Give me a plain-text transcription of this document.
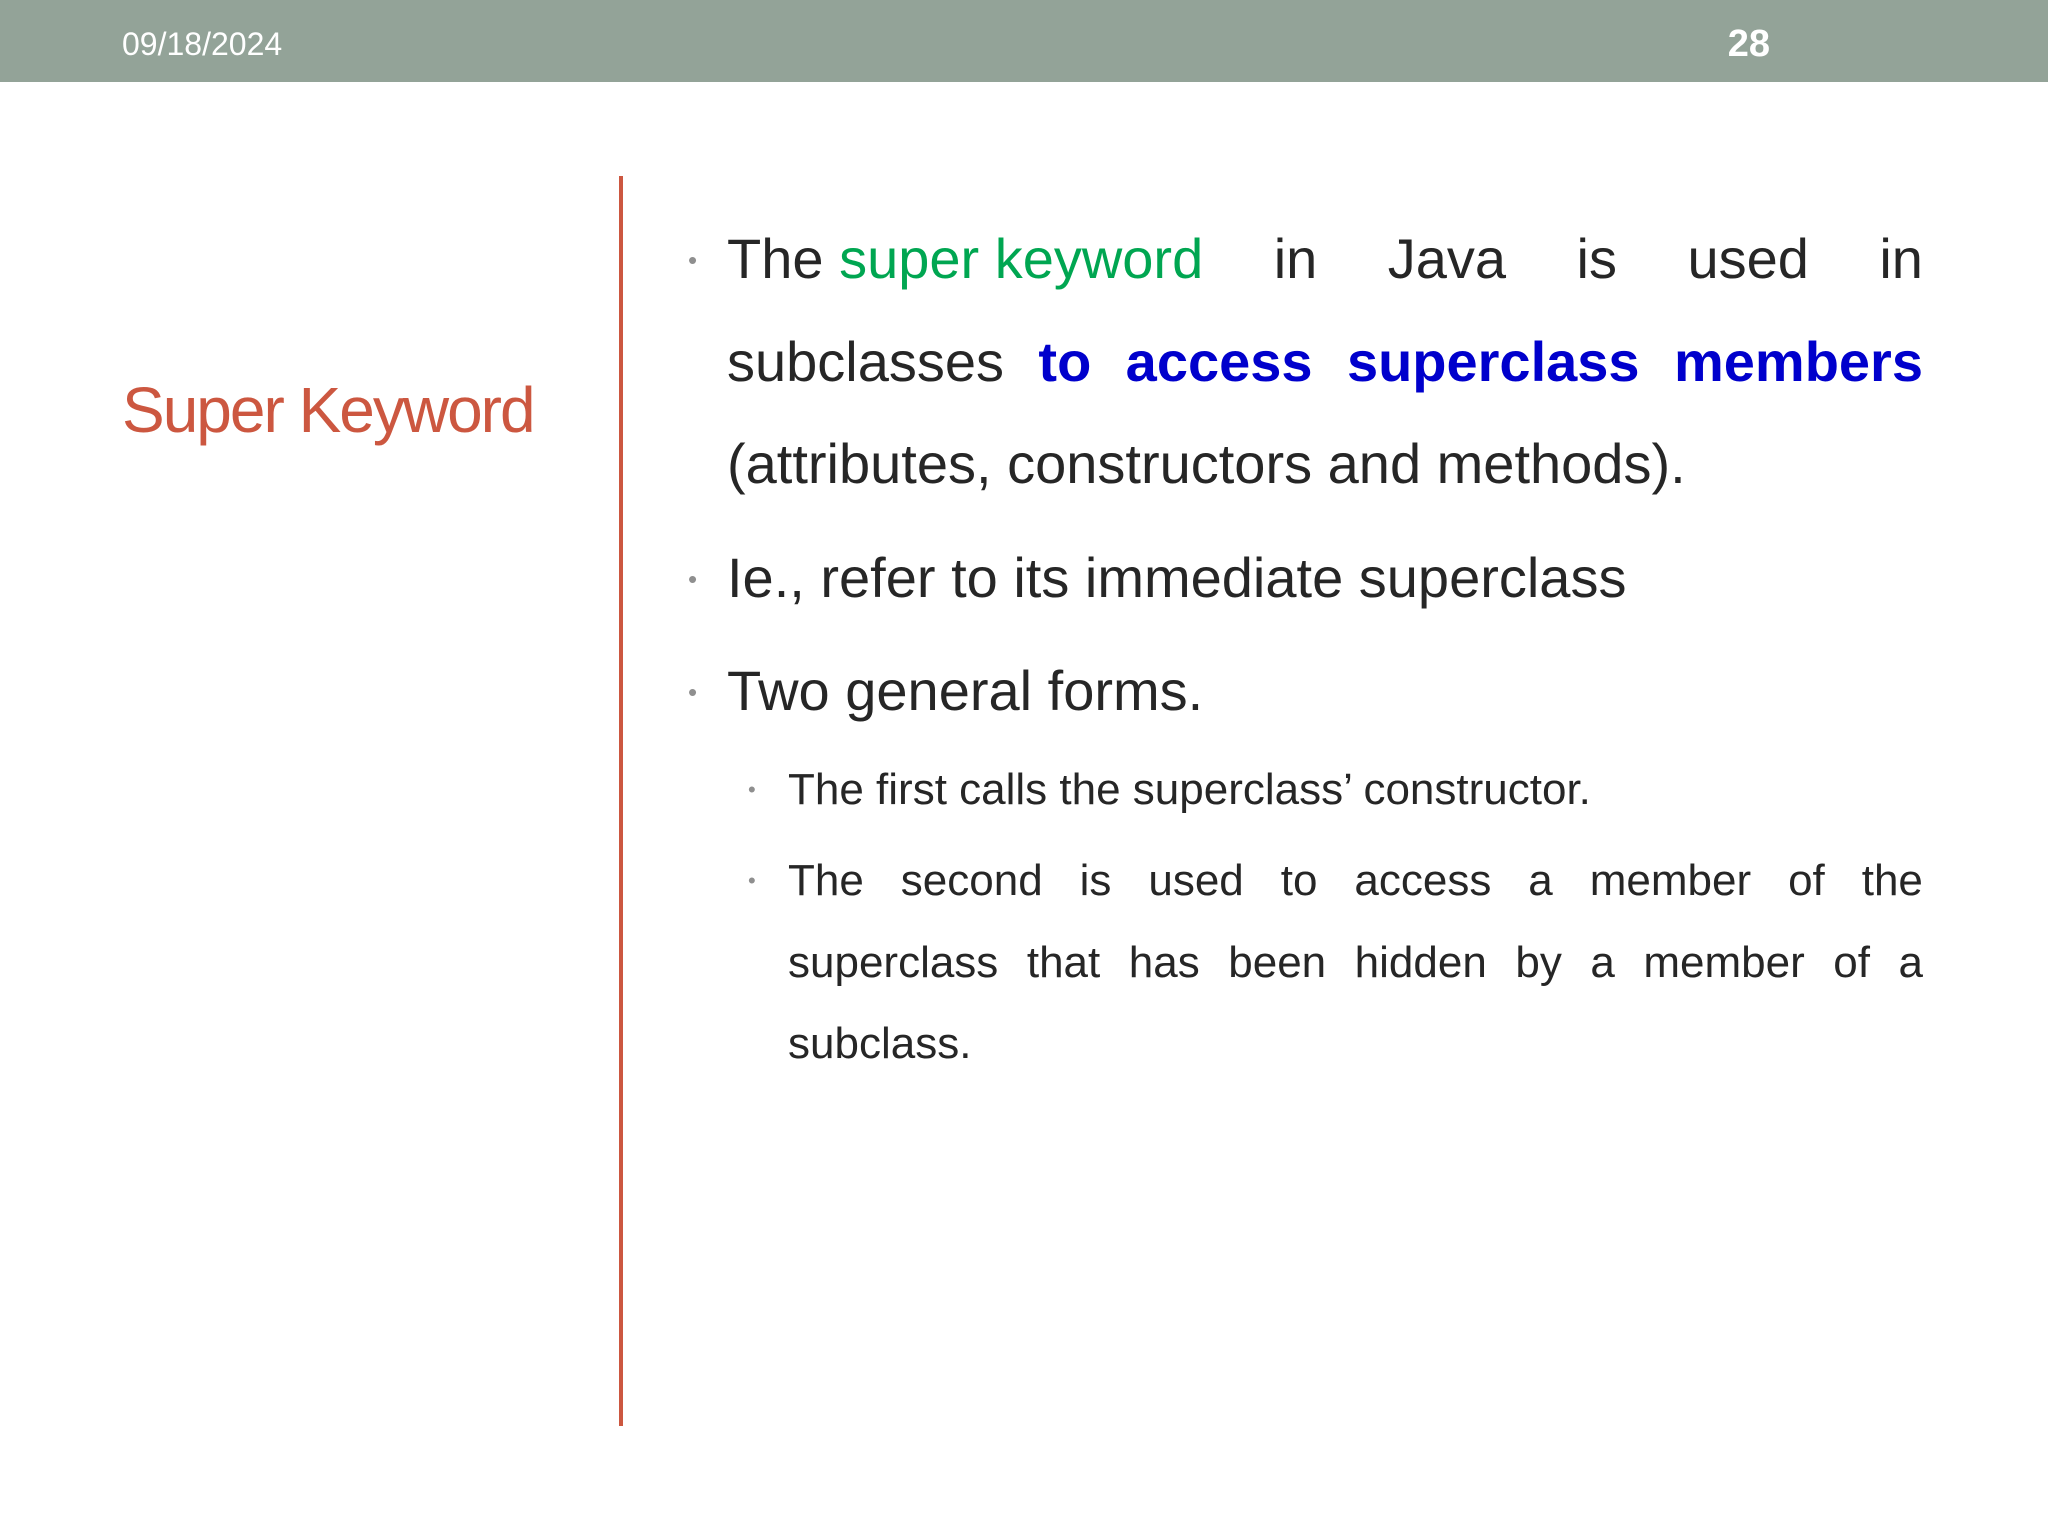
09/18/2024	28
Super Keyword
• The super keyword in Java is used in
subclasses to access superclass members
(attributes, constructors and methods).
• Ie., refer to its immediate superclass
• Two general forms.
• The first calls the superclass’ constructor.
• The second is used to access a member of the
superclass that has been hidden by a member of a
subclass.
